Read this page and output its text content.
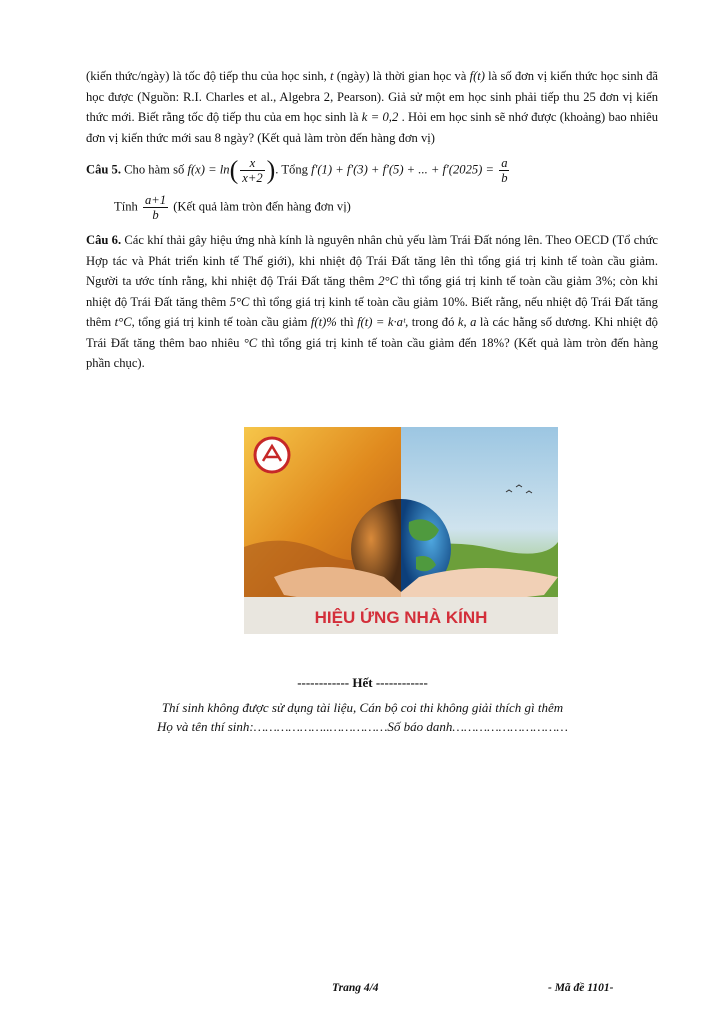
(kiến thức/ngày) là tốc độ tiếp thu của học sinh, t (ngày) là thời gian học và f(t) là số đơn vị kiến thức học sinh đã học được (Nguồn: R.I. Charles et al., Algebra 2, Pearson). Giả sử một em học sinh phải tiếp thu 25 đơn vị kiến thức mới. Biết rằng tốc độ tiếp thu của em học sinh là k = 0,2 . Hỏi em học sinh sẽ nhớ được (khoảng) bao nhiêu đơn vị kiến thức mới sau 8 ngày? (Kết quả làm tròn đến hàng đơn vị)

Câu 5. Cho hàm số $f(x) = \ln( \frac{x}{x+2}$ ). Tổng f′(1) + f′(3) + f′(5) + ... + $f'(2025) = \frac{a}{b}$

Tính $\frac{a+1}{b}$ (Kết quả làm tròn đến hàng đơn vị)

Câu 6. Các khí thải gây hiệu ứng nhà kính là nguyên nhân chủ yếu làm Trái Đất nóng lên. Theo OECD (Tổ chức Hợp tác và Phát triển kinh tế Thế giới), khi nhiệt độ Trái Đất tăng lên thì tổng giá trị kinh tế toàn cầu giảm. Người ta ước tính rằng, khi nhiệt độ Trái Đất tăng thêm 2°C thì tổng giá trị kinh tế toàn cầu giảm 3%; còn khi nhiệt độ Trái Đất tăng thêm 5°C thì tổng giá trị kinh tế toàn cầu giảm 10%. Biết rằng, nếu nhiệt độ Trái Đất tăng thêm t°C, tổng giá trị kinh tế toàn cầu giảm f(t)% thì f(t) = k·aᵗ, trong đó k, a là các hằng số dương. Khi nhiệt độ Trái Đất tăng thêm bao nhiêu °C thì tổng giá trị kinh tế toàn cầu giảm đến 18%? (Kết quả làm tròn đến hàng phần chục).

HIỆU ỨNG NHÀ KÍNH
------------ Hết ------------
Thí sinh không được sử dụng tài liệu, Cán bộ coi thi không giải thích gì thêm
Họ và tên thí sinh:………………..……………Số báo danh…………………………
Trang 4/4	- Mã đề 1101-
